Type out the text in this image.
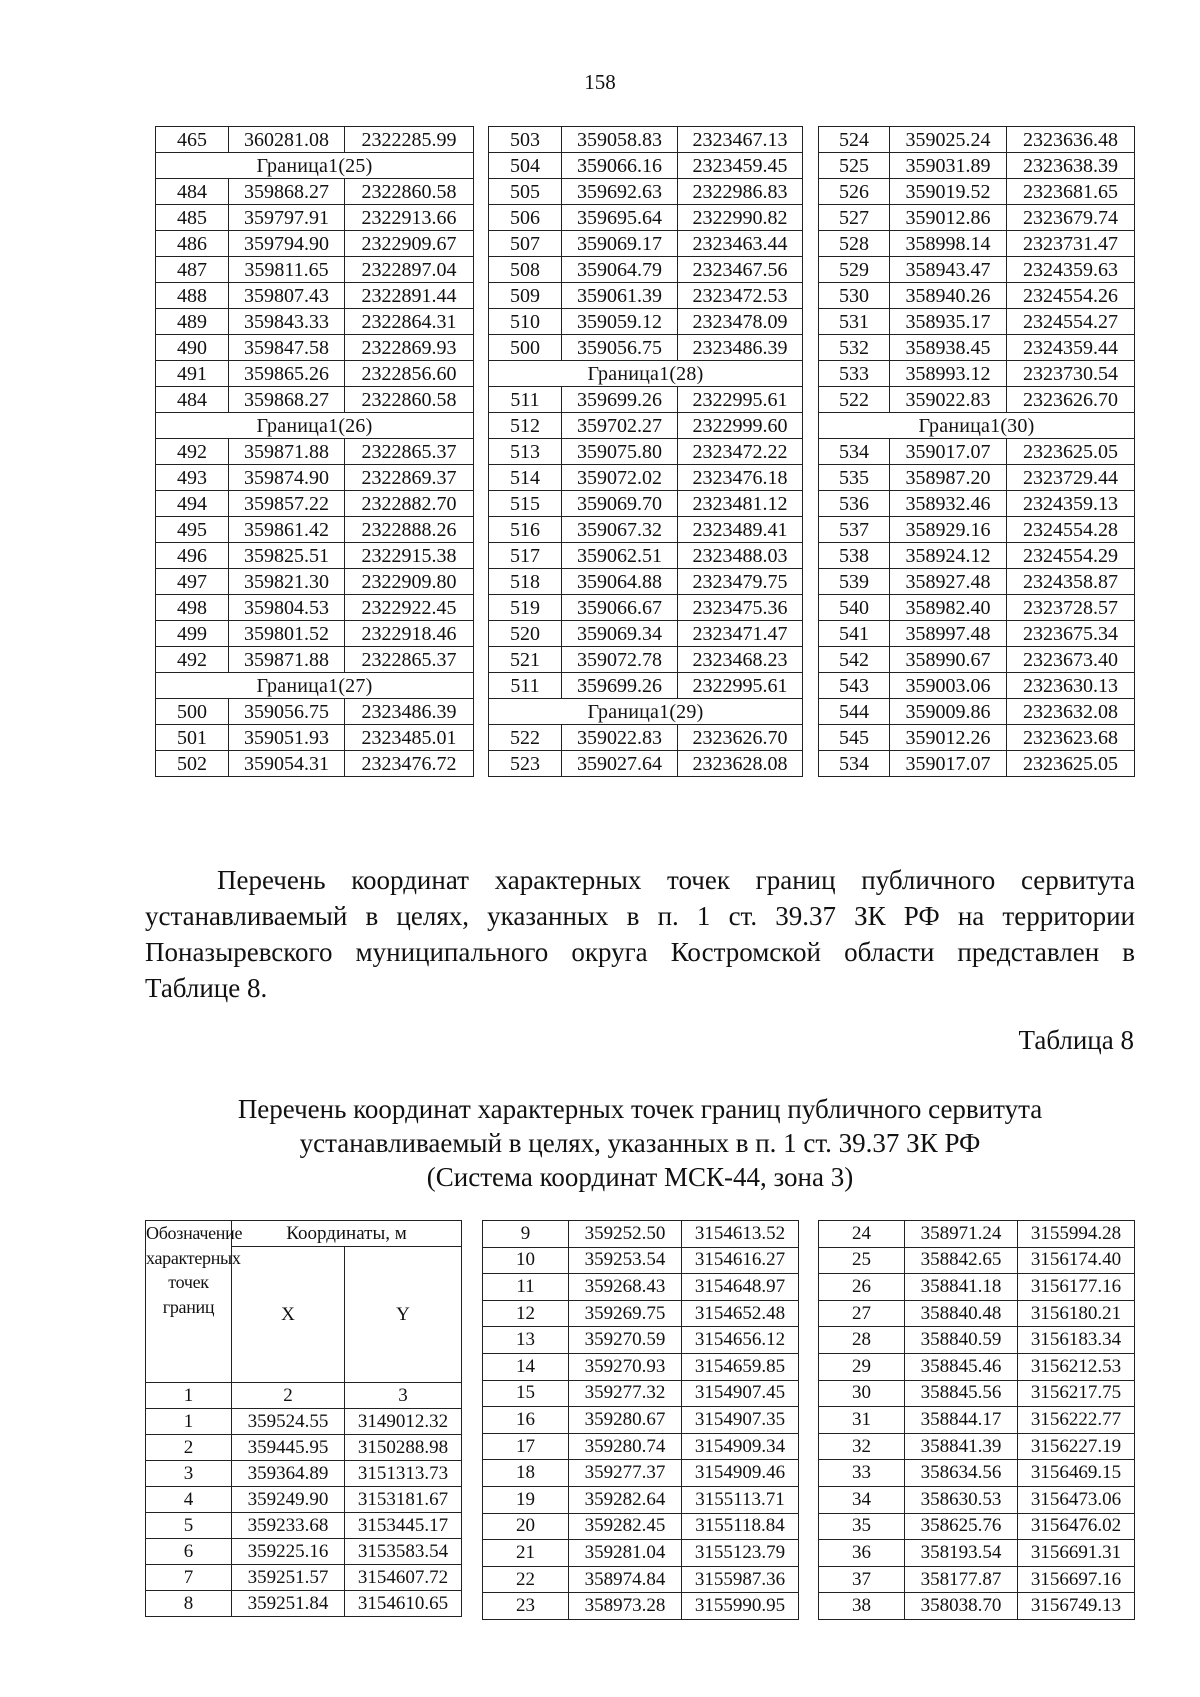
158
465	360281.08	2322285.99
Граница1(25)		
484	359868.27	2322860.58
485	359797.91	2322913.66
486	359794.90	2322909.67
487	359811.65	2322897.04
488	359807.43	2322891.44
489	359843.33	2322864.31
490	359847.58	2322869.93
491	359865.26	2322856.60
484	359868.27	2322860.58
Граница1(26)		
492	359871.88	2322865.37
493	359874.90	2322869.37
494	359857.22	2322882.70
495	359861.42	2322888.26
496	359825.51	2322915.38
497	359821.30	2322909.80
498	359804.53	2322922.45
499	359801.52	2322918.46
492	359871.88	2322865.37
Граница1(27)		
500	359056.75	2323486.39
501	359051.93	2323485.01
502	359054.31	2323476.72
503	359058.83	2323467.13
504	359066.16	2323459.45
505	359692.63	2322986.83
506	359695.64	2322990.82
507	359069.17	2323463.44
508	359064.79	2323467.56
509	359061.39	2323472.53
510	359059.12	2323478.09
500	359056.75	2323486.39
Граница1(28)		
511	359699.26	2322995.61
512	359702.27	2322999.60
513	359075.80	2323472.22
514	359072.02	2323476.18
515	359069.70	2323481.12
516	359067.32	2323489.41
517	359062.51	2323488.03
518	359064.88	2323479.75
519	359066.67	2323475.36
520	359069.34	2323471.47
521	359072.78	2323468.23
511	359699.26	2322995.61
Граница1(29)		
522	359022.83	2323626.70
523	359027.64	2323628.08
524	359025.24	2323636.48
525	359031.89	2323638.39
526	359019.52	2323681.65
527	359012.86	2323679.74
528	358998.14	2323731.47
529	358943.47	2324359.63
530	358940.26	2324554.26
531	358935.17	2324554.27
532	358938.45	2324359.44
533	358993.12	2323730.54
522	359022.83	2323626.70
Граница1(30)		
534	359017.07	2323625.05
535	358987.20	2323729.44
536	358932.46	2324359.13
537	358929.16	2324554.28
538	358924.12	2324554.29
539	358927.48	2324358.87
540	358982.40	2323728.57
541	358997.48	2323675.34
542	358990.67	2323673.40
543	359003.06	2323630.13
544	359009.86	2323632.08
545	359012.26	2323623.68
534	359017.07	2323625.05
Перечень координат характерных точек границ публичного сервитута устанавливаемый в целях, указанных в п. 1 ст. 39.37 ЗК РФ на территории Поназыревского муниципального округа Костромской области представлен в Таблице 8.
Таблица 8
Перечень координат характерных точек границ публичного сервитута
устанавливаемый в целях, указанных в п. 1 ст. 39.37 ЗК РФ
(Система координат МСК-44, зона 3)
Обозначение характерных точек границ	Координаты, м	
	X	Y
1	2	3
1	359524.55	3149012.32
2	359445.95	3150288.98
3	359364.89	3151313.73
4	359249.90	3153181.67
5	359233.68	3153445.17
6	359225.16	3153583.54
7	359251.57	3154607.72
8	359251.84	3154610.65
9	359252.50	3154613.52
10	359253.54	3154616.27
11	359268.43	3154648.97
12	359269.75	3154652.48
13	359270.59	3154656.12
14	359270.93	3154659.85
15	359277.32	3154907.45
16	359280.67	3154907.35
17	359280.74	3154909.34
18	359277.37	3154909.46
19	359282.64	3155113.71
20	359282.45	3155118.84
21	359281.04	3155123.79
22	358974.84	3155987.36
23	358973.28	3155990.95
24	358971.24	3155994.28
25	358842.65	3156174.40
26	358841.18	3156177.16
27	358840.48	3156180.21
28	358840.59	3156183.34
29	358845.46	3156212.53
30	358845.56	3156217.75
31	358844.17	3156222.77
32	358841.39	3156227.19
33	358634.56	3156469.15
34	358630.53	3156473.06
35	358625.76	3156476.02
36	358193.54	3156691.31
37	358177.87	3156697.16
38	358038.70	3156749.13
